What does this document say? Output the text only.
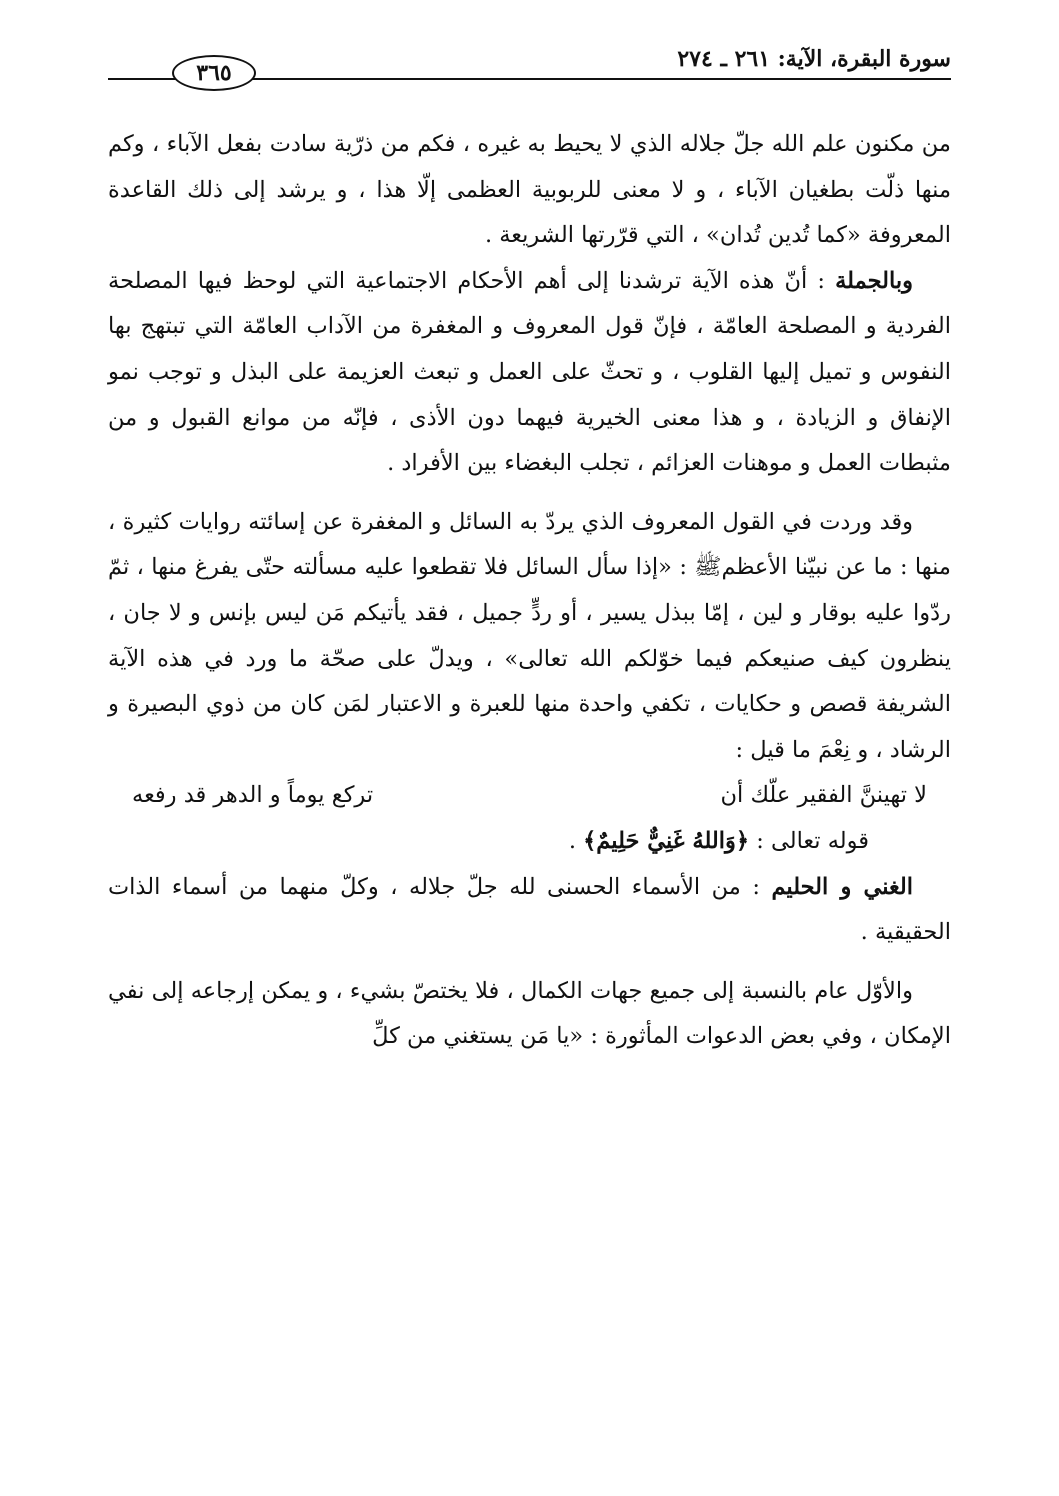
سورة البقرة، الآية: ٢٦١ ـ ٢٧٤
٣٦٥

من مكنون علم الله جلّ جلاله الذي لا يحيط به غيره ، فكم من ذرّية سادت بفعل الآباء ، وكم منها ذلّت بطغيان الآباء ، و لا معنى للربوبية العظمى إلّا هذا ، و يرشد إلى ذلك القاعدة المعروفة «كما تُدين تُدان» ، التي قرّرتها الشريعة .

وبالجملة : أنّ هذه الآية ترشدنا إلى أهم الأحكام الاجتماعية التي لوحظ فيها المصلحة الفردية و المصلحة العامّة ، فإنّ قول المعروف و المغفرة من الآداب العامّة التي تبتهج بها النفوس و تميل إليها القلوب ، و تحثّ على العمل و تبعث العزيمة على البذل و توجب نمو الإنفاق و الزيادة ، و هذا معنى الخيرية فيهما دون الأذى ، فإنّه من موانع القبول و من مثبطات العمل و موهنات العزائم ، تجلب البغضاء بين الأفراد .

وقد وردت في القول المعروف الذي يردّ به السائل و المغفرة عن إسائته روايات كثيرة ، منها : ما عن نبيّنا الأعظمﷺ : «إذا سأل السائل فلا تقطعوا عليه مسألته حتّى يفرغ منها ، ثمّ ردّوا عليه بوقار و لين ، إمّا ببذل يسير ، أو ردٍّ جميل ، فقد يأتيكم مَن ليس بإنس و لا جان ، ينظرون كيف صنيعكم فيما خوّلكم الله تعالى» ، ويدلّ على صحّة ما ورد في هذه الآية الشريفة قصص و حكايات ، تكفي واحدة منها للعبرة و الاعتبار لمَن كان من ذوي البصيرة و الرشاد ، و نِعْمَ ما قيل :

لا تهيننَّ الفقير علّك أن
تركع يوماً و الدهر قد رفعه

قوله تعالى : ﴿وَاللهُ غَنِيٌّ حَلِيمٌ﴾ .

الغني و الحليم : من الأسماء الحسنى لله جلّ جلاله ، وكلّ منهما من أسماء الذات الحقيقية .

والأوّل عام بالنسبة إلى جميع جهات الكمال ، فلا يختصّ بشيء ، و يمكن إرجاعه إلى نفي الإمكان ، وفي بعض الدعوات المأثورة : «يا مَن يستغني من كلِّ
